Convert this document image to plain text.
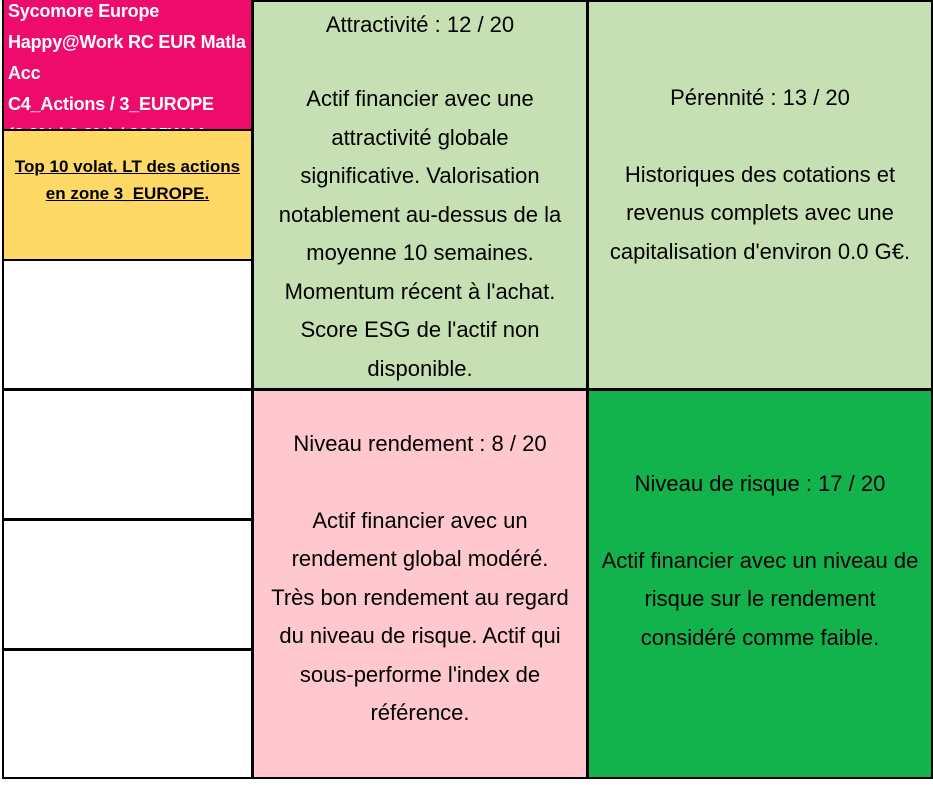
Sycomore Europe
Happy@Work RC EUR Matla
Acc
C4_Actions / 3_EUROPE
Top 10 volat. LT des actions
en zone 3_EUROPE.
Attractivité : 12 / 20
Actif financier avec une
attractivité globale
significative. Valorisation
notablement au-dessus de la
moyenne 10 semaines.
Momentum récent à l'achat.
Score ESG de l'actif non
disponible.
Pérennité : 13 / 20
Historiques des cotations et
revenus complets avec une
capitalisation d'environ 0.0 G€.
Niveau rendement : 8 / 20
Actif financier avec un
rendement global modéré.
Très bon rendement au regard
du niveau de risque. Actif qui
sous-performe l'index de
référence.
Niveau de risque : 17 / 20
Actif financier avec un niveau de
risque sur le rendement
considéré comme faible.
